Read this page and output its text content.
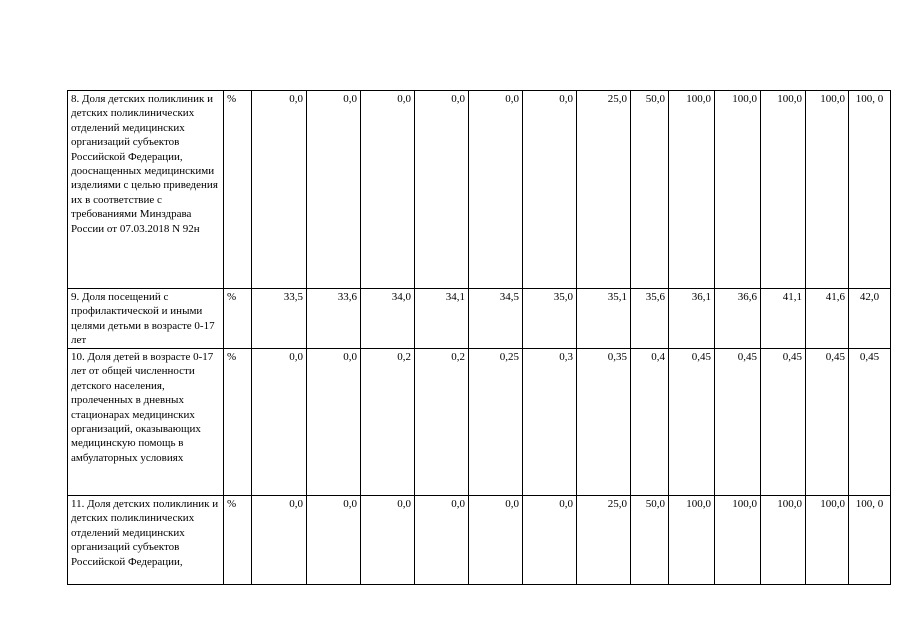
8. Доля детских поликлиник и детских поликлинических отделений медицинских организаций субъектов Российской Федерации, дооснащенных медицинскими изделиями с целью приведения их в соответствие с требованиями Минздрава России от 07.03.2018 N 92н	%	0,0	0,0	0,0	0,0	0,0	0,0	25,0	50,0	100,0	100,0	100,0	100,0	100, 0
9. Доля посещений с профилактической и иными целями детьми в возрасте 0-17 лет	%	33,5	33,6	34,0	34,1	34,5	35,0	35,1	35,6	36,1	36,6	41,1	41,6	42,0
10. Доля детей в возрасте 0-17 лет от общей численности детского населения, пролеченных в дневных стационарах медицинских организаций, оказывающих медицинскую помощь в амбулаторных условиях	%	0,0	0,0	0,2	0,2	0,25	0,3	0,35	0,4	0,45	0,45	0,45	0,45	0,45
11. Доля детских поликлиник и детских поликлинических отделений медицинских организаций субъектов Российской Федерации,	%	0,0	0,0	0,0	0,0	0,0	0,0	25,0	50,0	100,0	100,0	100,0	100,0	100, 0
